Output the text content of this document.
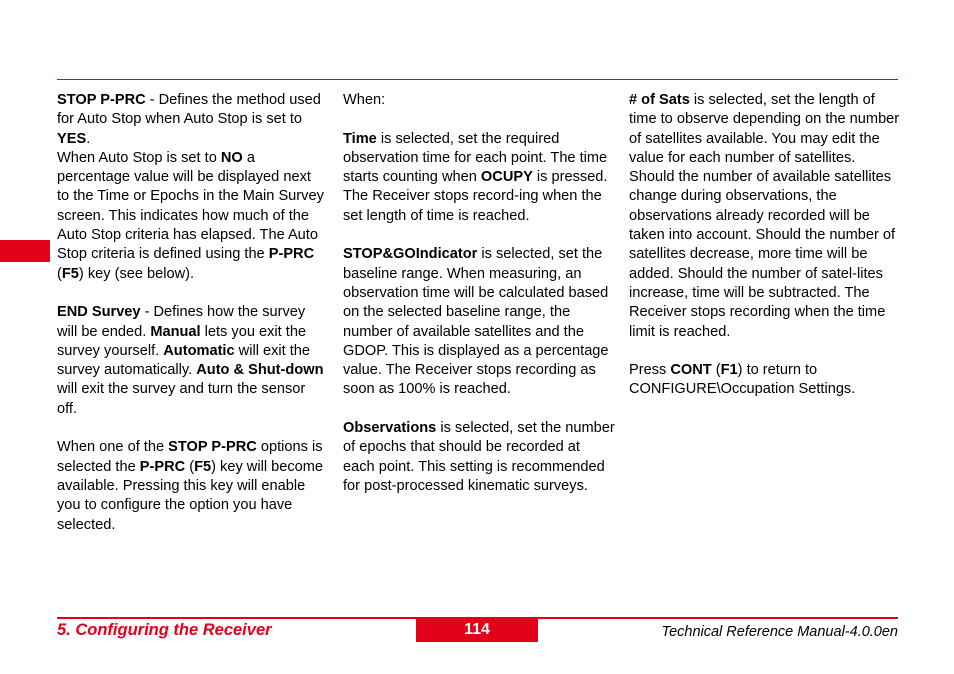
STOP P-PRC - Defines the method used for Auto Stop when Auto Stop is set to YES.

When Auto Stop is set to NO a percentage value will be displayed next to the Time or Epochs in the Main Survey screen. This indicates how much of the Auto Stop criteria has elapsed. The Auto Stop criteria is defined using the P-PRC (F5) key (see below).

END Survey - Defines how the survey will be ended. Manual lets you exit the survey yourself. Automatic will exit the survey automatically. Auto & Shut-down will exit the survey and turn the sensor off.

When one of the STOP P-PRC options is selected the P-PRC (F5) key will become available. Pressing this key will enable you to configure the option you have selected.

When:

Time is selected, set the required observation time for each point. The time starts counting when OCUPY is pressed. The Receiver stops record-ing when the set length of time is reached.

STOP&GOIndicator is selected, set the baseline range. When measuring, an observation time will be calculated based on the selected baseline range, the number of available satellites and the GDOP. This is displayed as a percentage value. The Receiver stops recording as soon as 100% is reached.

Observations is selected, set the number of epochs that should be recorded at each point. This setting is recommended for post-processed kinematic surveys.

# of Sats is selected, set the length of time to observe depending on the number of satellites available. You may edit the value for each number of satellites. Should the number of available satellites change during observations, the observations already recorded will be taken into account. Should the number of satellites decrease, more time will be added. Should the number of satel-lites increase, time will be subtracted. The Receiver stops recording when the time limit is reached.

Press CONT (F1) to return to CONFIGURE\Occupation Settings.

5. Configuring the Receiver	114	Technical Reference Manual-4.0.0en
